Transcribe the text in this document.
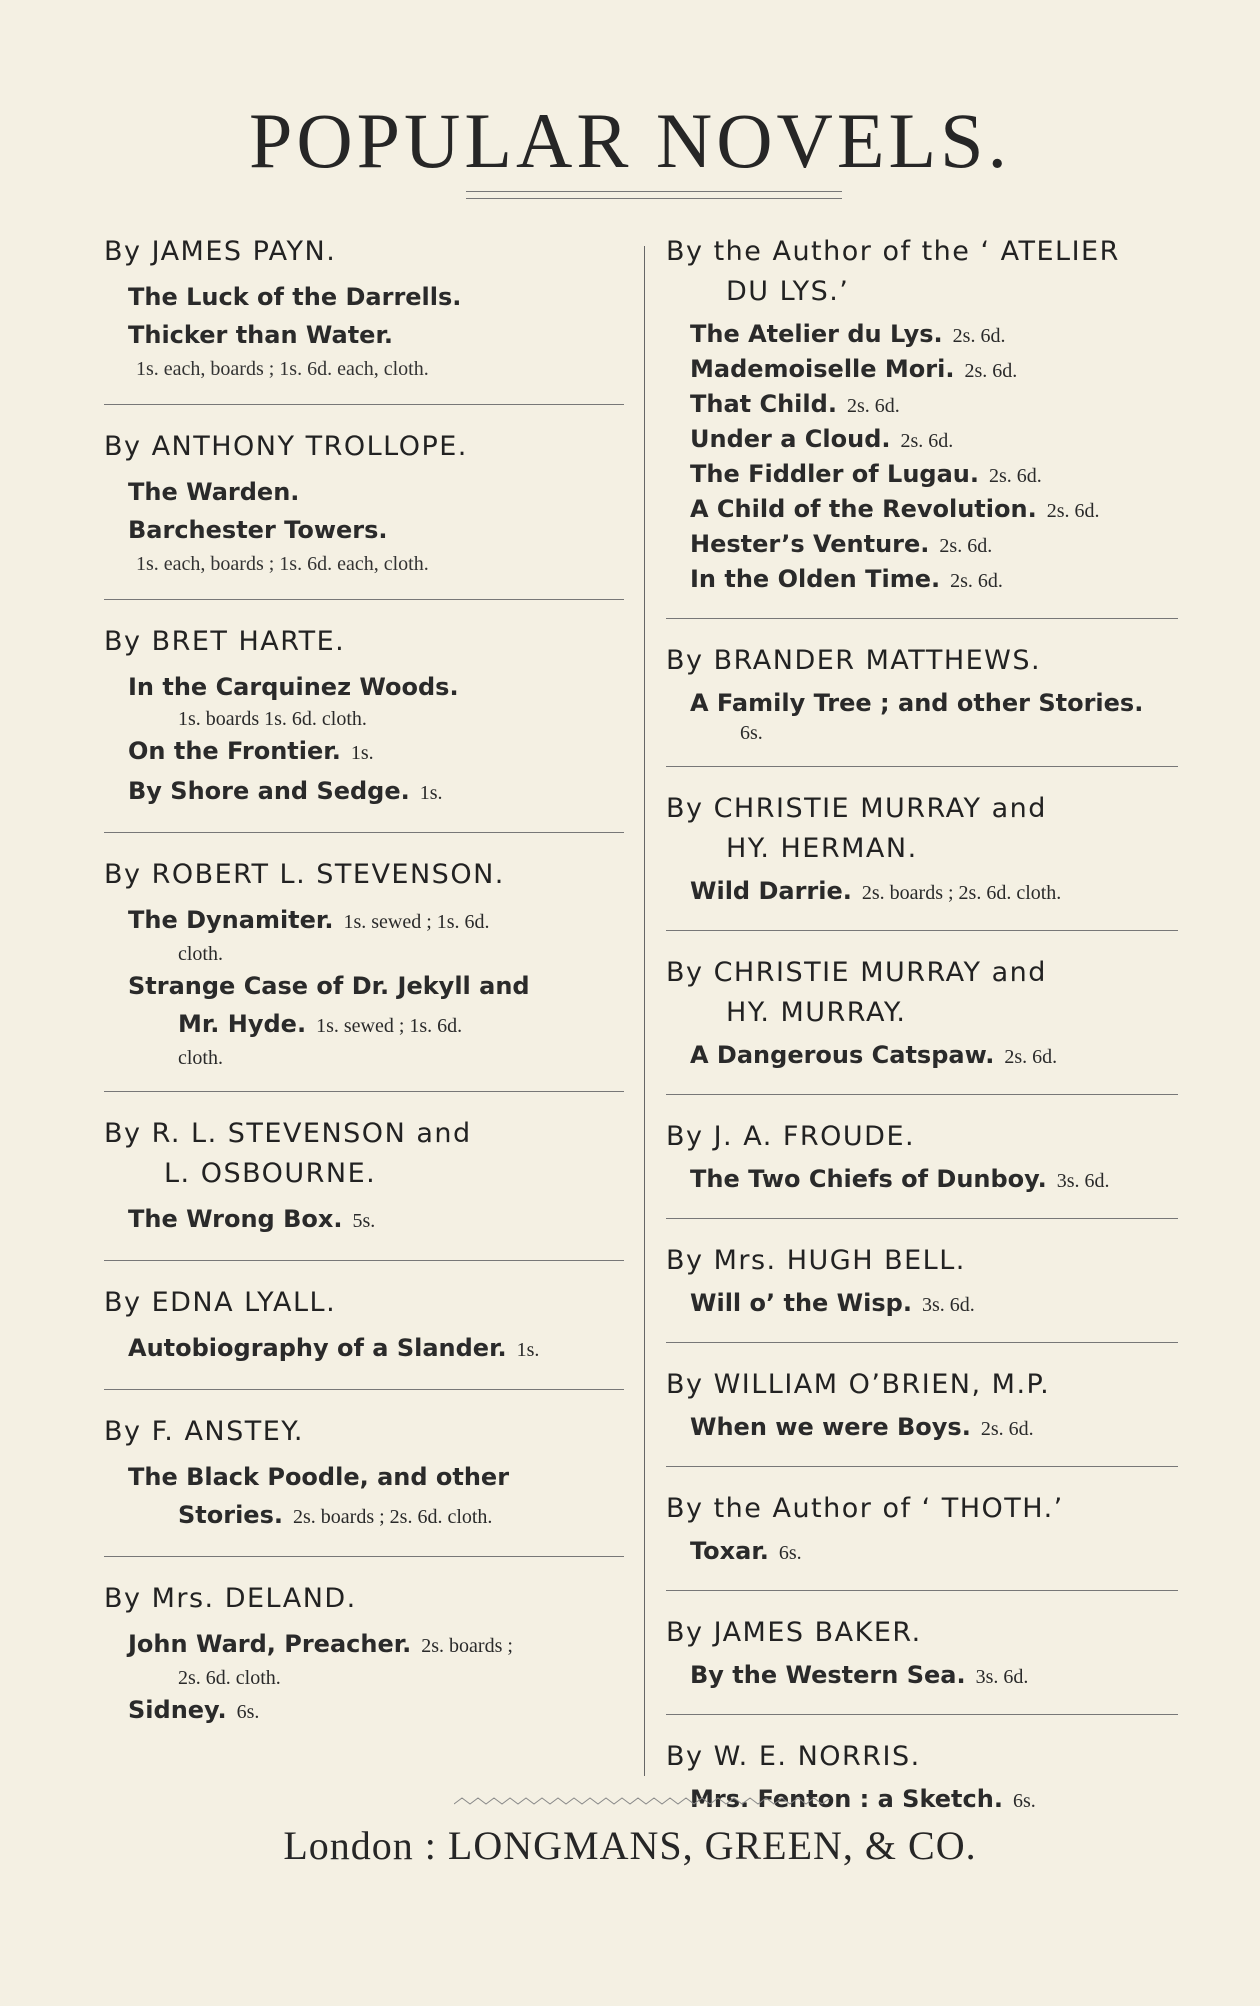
POPULAR NOVELS.
By JAMES PAYN.
The Luck of the Darrells.
Thicker than Water.
1s. each, boards ; 1s. 6d. each, cloth.
By ANTHONY TROLLOPE.
The Warden.
Barchester Towers.
1s. each, boards ; 1s. 6d. each, cloth.
By BRET HARTE.
In the Carquinez Woods.
1s. boards 1s. 6d. cloth.
On the Frontier. 1s.
By Shore and Sedge. 1s.
By ROBERT L. STEVENSON.
The Dynamiter. 1s. sewed ; 1s. 6d.
cloth.
Strange Case of Dr. Jekyll and
Mr. Hyde. 1s. sewed ; 1s. 6d.
cloth.
By R. L. STEVENSON and
L. OSBOURNE.
The Wrong Box. 5s.
By EDNA LYALL.
Autobiography of a Slander. 1s.
By F. ANSTEY.
The Black Poodle, and other
Stories. 2s. boards ; 2s. 6d. cloth.
By Mrs. DELAND.
John Ward, Preacher. 2s. boards ;
2s. 6d. cloth.
Sidney. 6s.
By the Author of the ‘ ATELIER
DU LYS.’
The Atelier du Lys. 2s. 6d.
Mademoiselle Mori. 2s. 6d.
That Child. 2s. 6d.
Under a Cloud. 2s. 6d.
The Fiddler of Lugau. 2s. 6d.
A Child of the Revolution. 2s. 6d.
Hester’s Venture. 2s. 6d.
In the Olden Time. 2s. 6d.
By BRANDER MATTHEWS.
A Family Tree ; and other Stories.
6s.
By CHRISTIE MURRAY and
HY. HERMAN.
Wild Darrie. 2s. boards ; 2s. 6d. cloth.
By CHRISTIE MURRAY and
HY. MURRAY.
A Dangerous Catspaw. 2s. 6d.
By J. A. FROUDE.
The Two Chiefs of Dunboy. 3s. 6d.
By Mrs. HUGH BELL.
Will o’ the Wisp. 3s. 6d.
By WILLIAM O’BRIEN, M.P.
When we were Boys. 2s. 6d.
By the Author of ‘ THOTH.’
Toxar. 6s.
By JAMES BAKER.
By the Western Sea. 3s. 6d.
By W. E. NORRIS.
Mrs. Fenton : a Sketch. 6s.
London : LONGMANS, GREEN, & CO.
